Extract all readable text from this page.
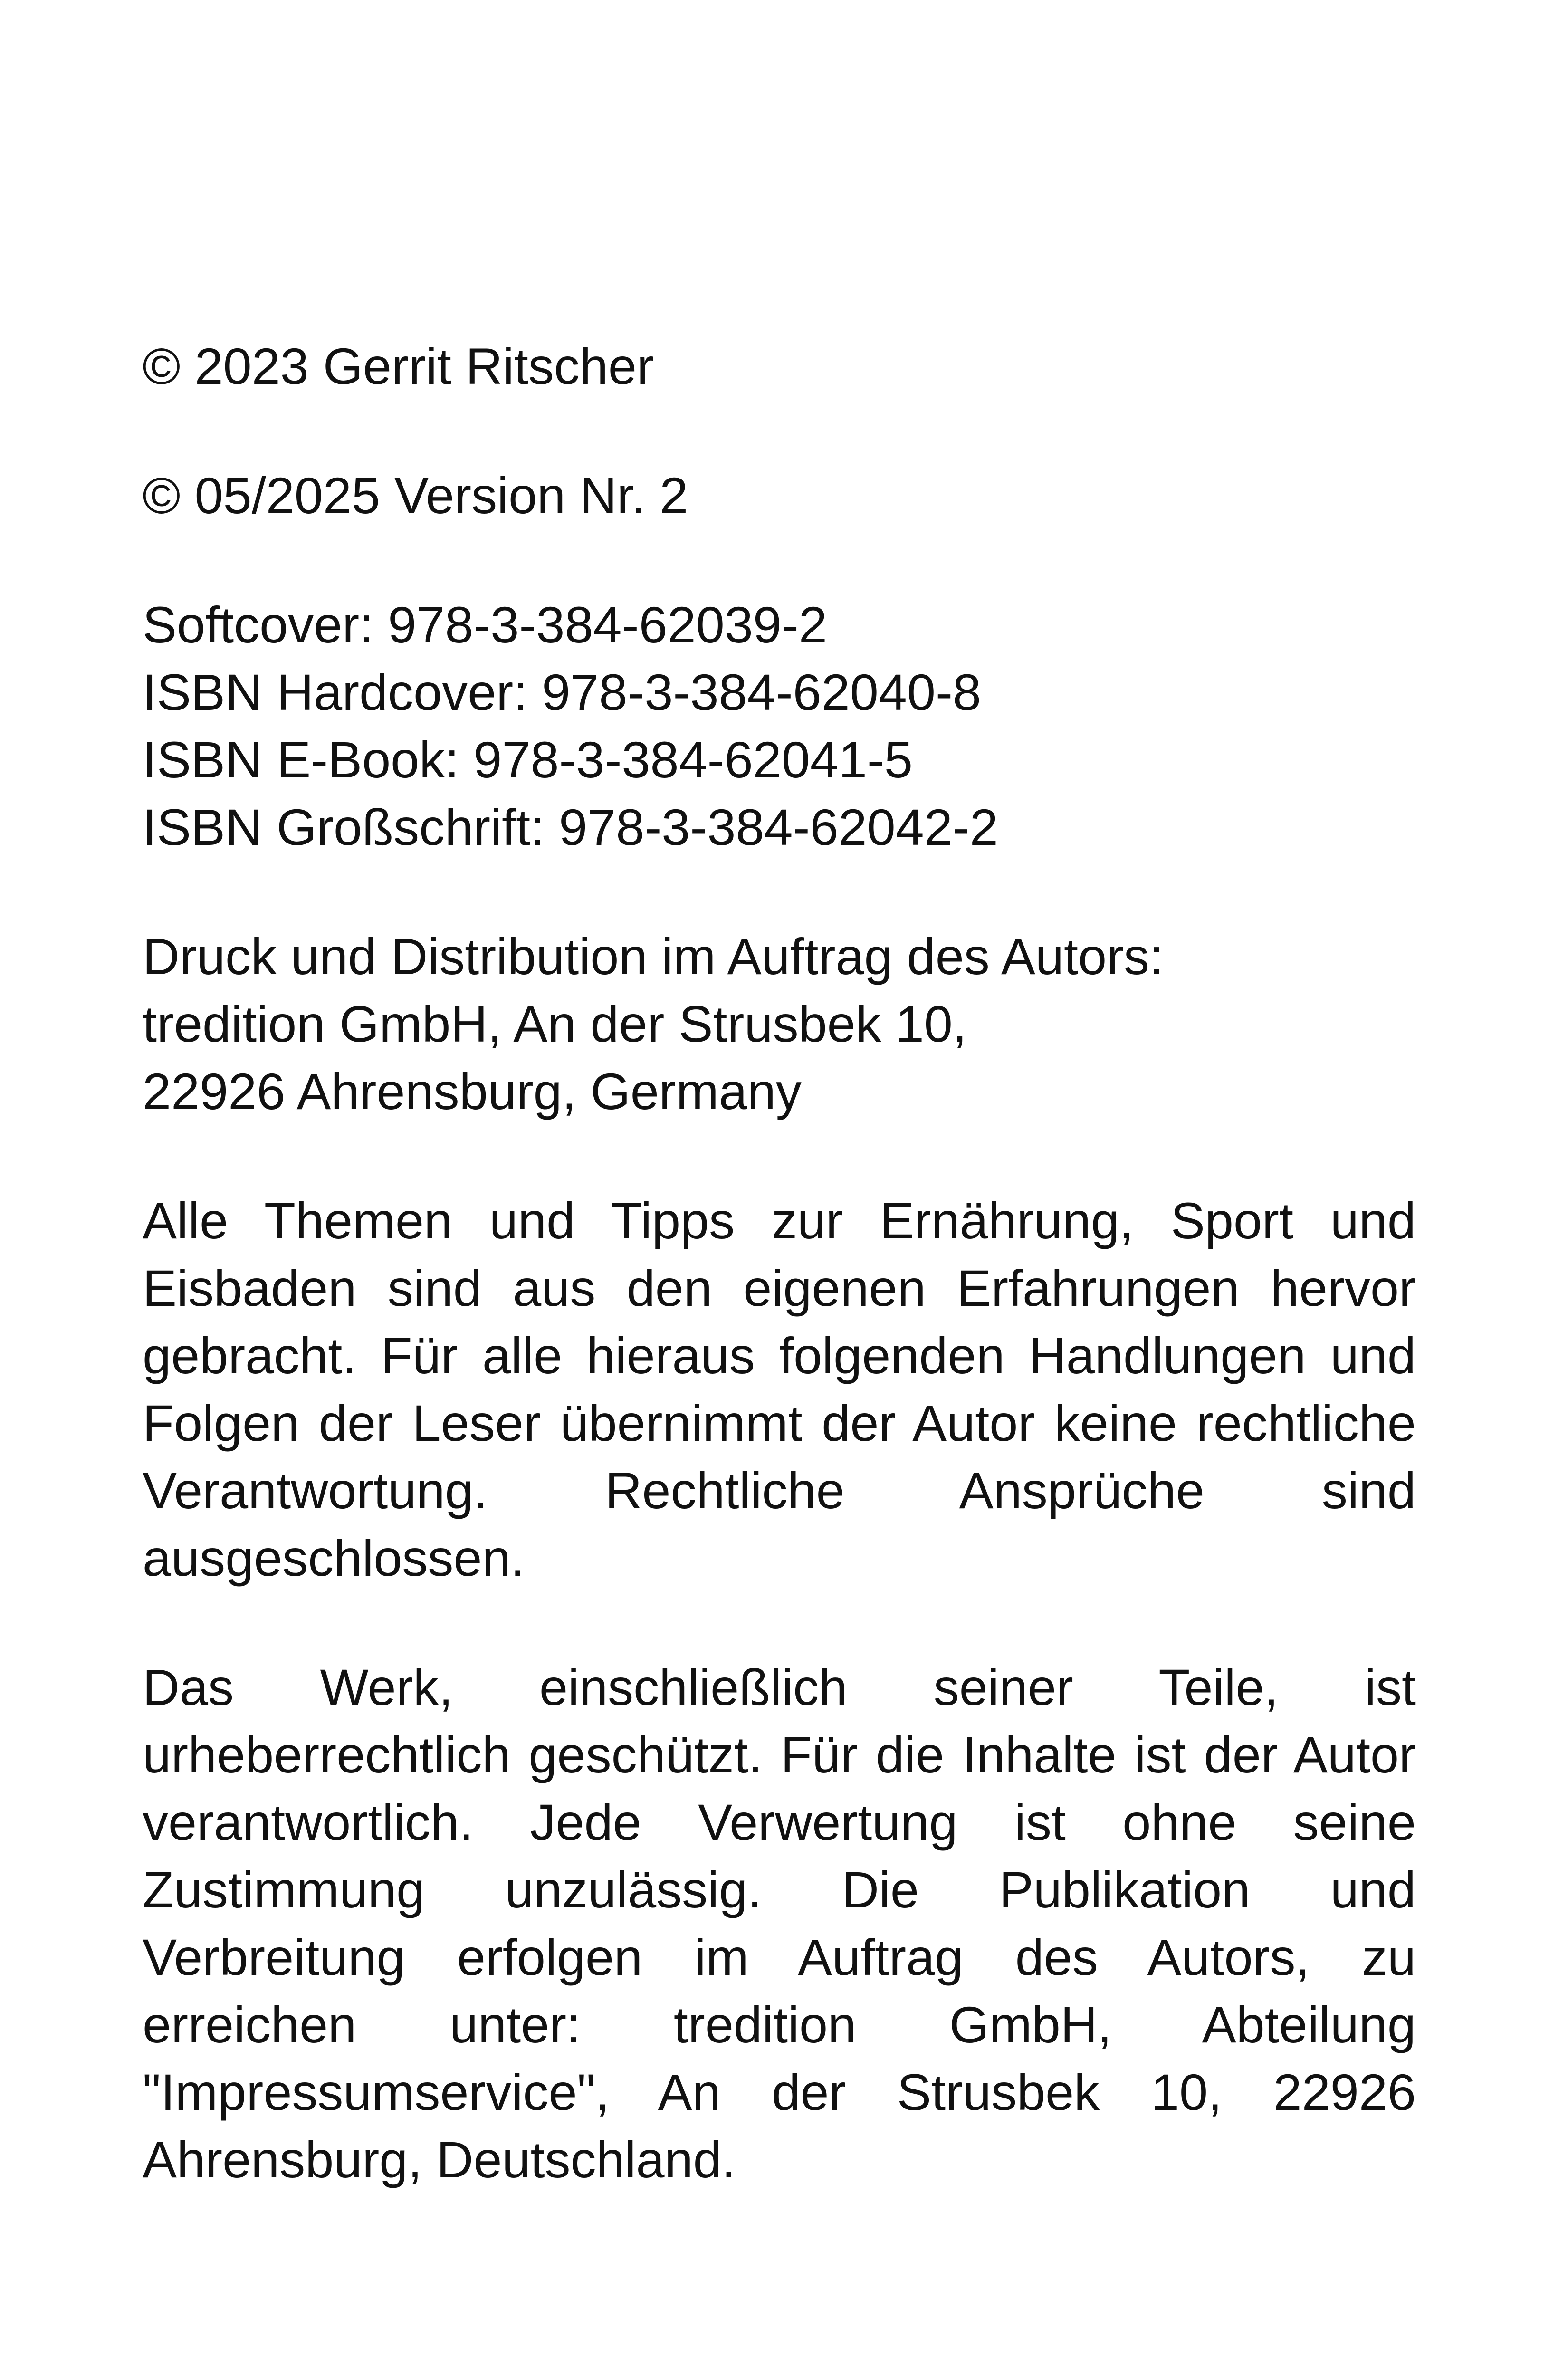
© 2023 Gerrit Ritscher

© 05/2025 Version Nr. 2

Softcover: 978-3-384-62039-2

ISBN Hardcover: 978-3-384-62040-8

ISBN E-Book: 978-3-384-62041-5

ISBN Großschrift: 978-3-384-62042-2

Druck und Distribution im Auftrag des Autors:

tredition GmbH, An der Strusbek 10,

22926 Ahrensburg, Germany

Alle Themen und Tipps zur Ernährung, Sport und Eisbaden sind aus den eigenen Erfahrungen hervor gebracht. Für alle hieraus folgenden Handlungen und Folgen der Leser übernimmt der Autor keine rechtliche Verantwortung. Rechtliche Ansprüche sind ausgeschlossen.

Das Werk, einschließlich seiner Teile, ist urheberrechtlich geschützt. Für die Inhalte ist der Autor verantwortlich. Jede Verwertung ist ohne seine Zustimmung unzulässig. Die Publikation und Verbreitung erfolgen im Auftrag des Autors, zu erreichen unter: tredition GmbH, Abteilung "Impressumservice", An der Strusbek 10, 22926 Ahrensburg, Deutschland.
